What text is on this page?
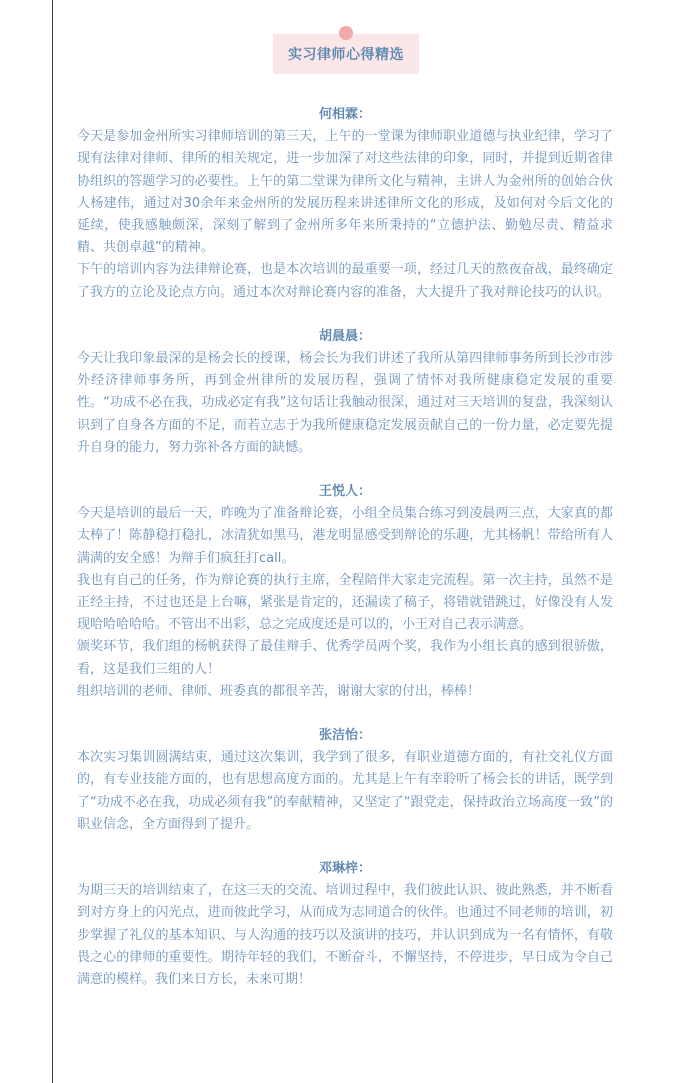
实习律师心得精选

何相霖：

今天是参加金州所实习律师培训的第三天，上午的一堂课为律师职业道德与执业纪律，学习了现有法律对律师、律所的相关规定，进一步加深了对这些法律的印象，同时，并提到近期省律协组织的答题学习的必要性。上午的第二堂课为律所文化与精神，主讲人为金州所的创始合伙人杨建伟，通过对30余年来金州所的发展历程来讲述律所文化的形成，及如何对今后文化的延续，使我感触颇深，深刻了解到了金州所多年来所秉持的“立德护法、勤勉尽责、精益求精、共创卓越”的精神。

下午的培训内容为法律辩论赛，也是本次培训的最重要一项，经过几天的熬夜奋战，最终确定了我方的立论及论点方向。通过本次对辩论赛内容的准备，大大提升了我对辩论技巧的认识。

胡晨晨：

今天让我印象最深的是杨会长的授课，杨会长为我们讲述了我所从第四律师事务所到长沙市涉外经济律师事务所，再到金州律所的发展历程，强调了情怀对我所健康稳定发展的重要性。“功成不必在我，功成必定有我”这句话让我触动很深，通过对三天培训的复盘，我深刻认识到了自身各方面的不足，而若立志于为我所健康稳定发展贡献自己的一份力量，必定要先提升自身的能力，努力弥补各方面的缺憾。

王悦人：

今天是培训的最后一天，昨晚为了准备辩论赛，小组全员集合练习到凌晨两三点，大家真的都太棒了！陈静稳打稳扎，冰清犹如黑马，港龙明显感受到辩论的乐趣，尤其杨帆！带给所有人满满的安全感！为辩手们疯狂打call。

我也有自己的任务，作为辩论赛的执行主席，全程陪伴大家走完流程。第一次主持，虽然不是正经主持，不过也还是上台嘛，紧张是肯定的，还漏读了稿子，将错就错跳过，好像没有人发现哈哈哈哈哈。不管出不出彩，总之完成度还是可以的，小王对自己表示满意。

颁奖环节，我们组的杨帆获得了最佳辩手、优秀学员两个奖，我作为小组长真的感到很骄傲，看，这是我们三组的人！

组织培训的老师、律师、班委真的都很辛苦，谢谢大家的付出，棒棒！

张洁怡：

本次实习集训圆满结束，通过这次集训，我学到了很多，有职业道德方面的，有社交礼仪方面的，有专业技能方面的，也有思想高度方面的。尤其是上午有幸聆听了杨会长的讲话，既学到了“功成不必在我，功成必须有我”的奉献精神，又坚定了“跟党走，保持政治立场高度一致”的职业信念，全方面得到了提升。

邓琳梓：

为期三天的培训结束了，在这三天的交流、培训过程中，我们彼此认识、彼此熟悉，并不断看到对方身上的闪光点，进而彼此学习，从而成为志同道合的伙伴。也通过不同老师的培训，初步掌握了礼仪的基本知识、与人沟通的技巧以及演讲的技巧，并认识到成为一名有情怀，有敬畏之心的律师的重要性。期待年轻的我们，不断奋斗，不懈坚持，不停进步，早日成为令自己满意的模样。我们来日方长，未来可期！
